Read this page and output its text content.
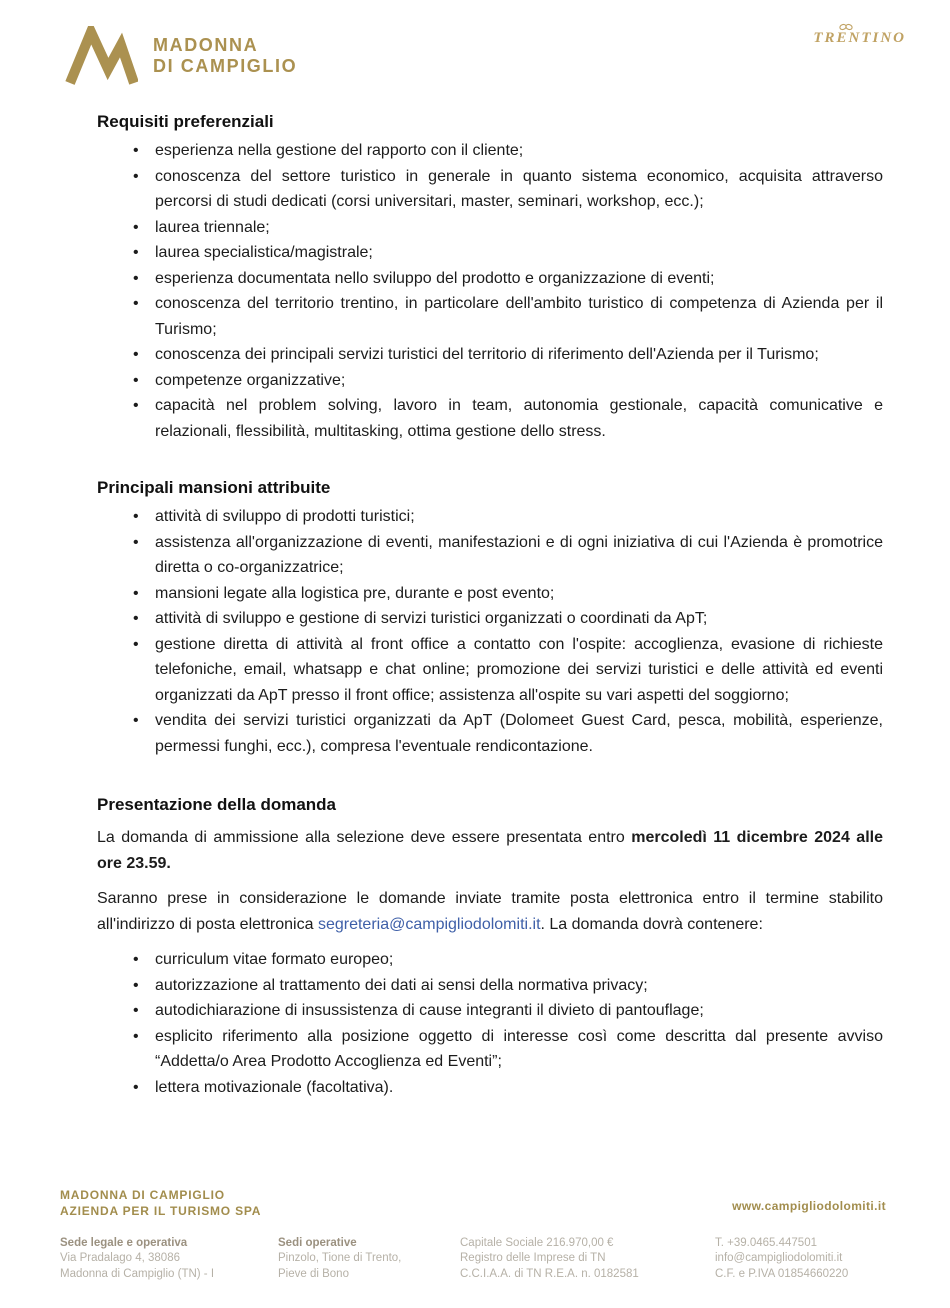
MADONNA
DI CAMPIGLIO
TRENTINO
Requisiti preferenziali
• esperienza nella gestione del rapporto con il cliente;
• conoscenza del settore turistico in generale in quanto sistema economico, acquisita attraverso percorsi di studi dedicati (corsi universitari, master, seminari, workshop, ecc.);
• laurea triennale;
• laurea specialistica/magistrale;
• esperienza documentata nello sviluppo del prodotto e organizzazione di eventi;
• conoscenza del territorio trentino, in particolare dell'ambito turistico di competenza di Azienda per il Turismo;
• conoscenza dei principali servizi turistici del territorio di riferimento dell'Azienda per il Turismo;
• competenze organizzative;
• capacità nel problem solving, lavoro in team, autonomia gestionale, capacità comunicative e relazionali, flessibilità, multitasking, ottima gestione dello stress.
Principali mansioni attribuite
• attività di sviluppo di prodotti turistici;
• assistenza all'organizzazione di eventi, manifestazioni e di ogni iniziativa di cui l'Azienda è promotrice diretta o co-organizzatrice;
• mansioni legate alla logistica pre, durante e post evento;
• attività di sviluppo e gestione di servizi turistici organizzati o coordinati da ApT;
• gestione diretta di attività al front office a contatto con l'ospite: accoglienza, evasione di richieste telefoniche, email, whatsapp e chat online; promozione dei servizi turistici e delle attività ed eventi organizzati da ApT presso il front office; assistenza all'ospite su vari aspetti del soggiorno;
• vendita dei servizi turistici organizzati da ApT (Dolomeet Guest Card, pesca, mobilità, esperienze, permessi funghi, ecc.), compresa l'eventuale rendicontazione.
Presentazione della domanda

La domanda di ammissione alla selezione deve essere presentata entro mercoledì 11 dicembre 2024 alle ore 23.59.

Saranno prese in considerazione le domande inviate tramite posta elettronica entro il termine stabilito all'indirizzo di posta elettronica segreteria@campigliodolomiti.it. La domanda dovrà contenere:

• curriculum vitae formato europeo;
• autorizzazione al trattamento dei dati ai sensi della normativa privacy;
• autodichiarazione di insussistenza di cause integranti il divieto di pantouflage;
• esplicito riferimento alla posizione oggetto di interesse così come descritta dal presente avviso “Addetta/o Area Prodotto Accoglienza ed Eventi”;
• lettera motivazionale (facoltativa).
MADONNA DI CAMPIGLIO
AZIENDA PER IL TURISMO SPA	www.campigliodolomiti.it
Sede legale e operativa
Via Pradalago 4, 38086
Madonna di Campiglio (TN) - I
Sedi operative
Pinzolo, Tione di Trento,
Pieve di Bono
Capitale Sociale 216.970,00 €
Registro delle Imprese di TN
C.C.I.A.A. di TN R.E.A. n. 0182581
T. +39.0465.447501
info@campigliodolomiti.it
C.F. e P.IVA 01854660220
